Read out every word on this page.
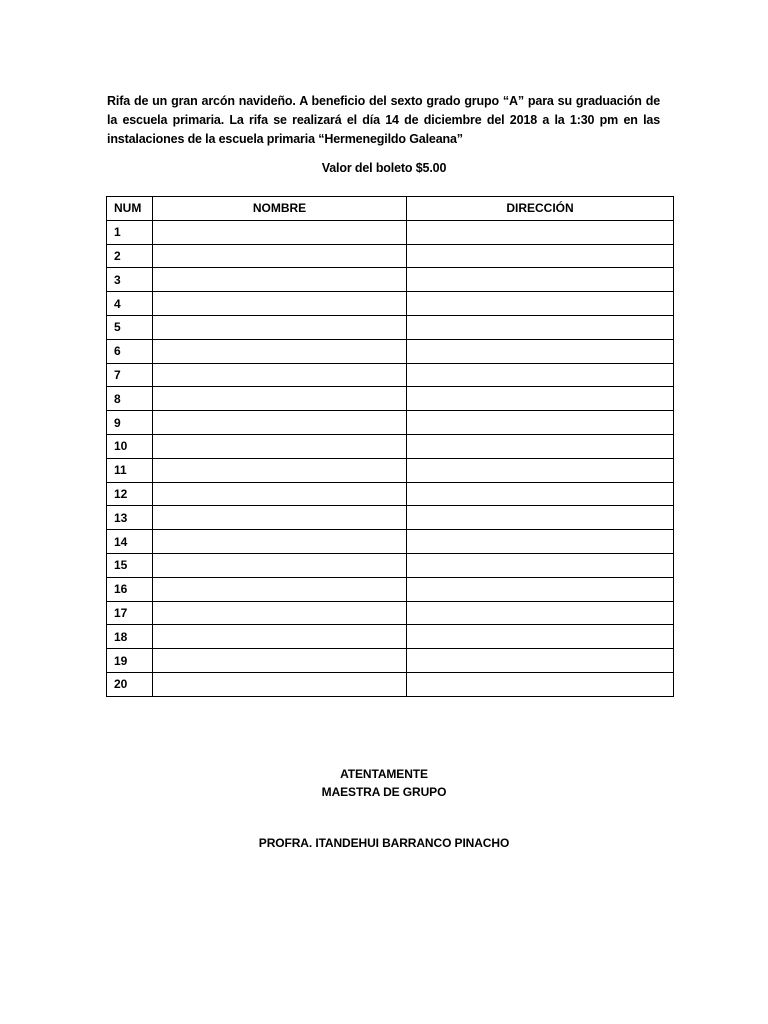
Rifa de un gran arcón navideño. A beneficio del sexto grado grupo “A” para su graduación de la escuela primaria. La rifa se realizará el día 14 de diciembre del 2018 a la 1:30 pm en las instalaciones de la escuela primaria “Hermenegildo Galeana”
Valor del boleto $5.00
NUM	NOMBRE	DIRECCIÓN
1		
2		
3		
4		
5		
6		
7		
8		
9		
10		
11		
12		
13		
14		
15		
16		
17		
18		
19		
20		
ATENTAMENTE
MAESTRA DE GRUPO
PROFRA. ITANDEHUI BARRANCO PINACHO
